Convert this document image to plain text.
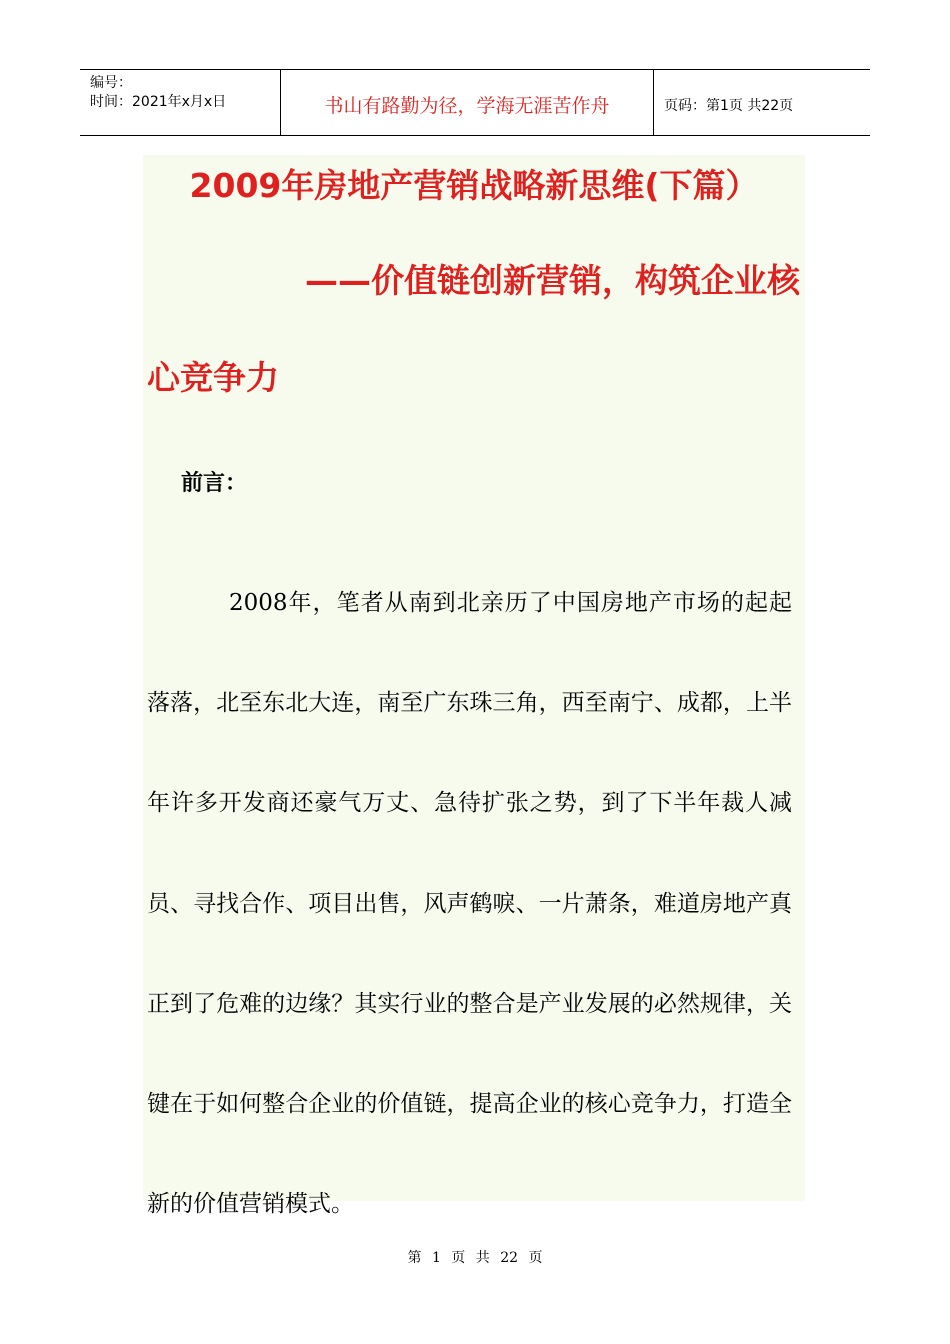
编号：
时间：2021年x月x日	书山有路勤为径，学海无涯苦作舟	页码：第1页 共22页
2009年房地产营销战略新思维(下篇）
——价值链创新营销，构筑企业核
心竞争力
前言：
2008年，笔者从南到北亲历了中国房地产市场的起起落落，北至东北大连，南至广东珠三角，西至南宁、成都，上半年许多开发商还豪气万丈、急待扩张之势，到了下半年裁人减员、寻找合作、项目出售，风声鹤唳、一片萧条，难道房地产真正到了危难的边缘？其实行业的整合是产业发展的必然规律，关键在于如何整合企业的价值链，提高企业的核心竞争力，打造全新的价值营销模式。
第 1 页 共 22 页
